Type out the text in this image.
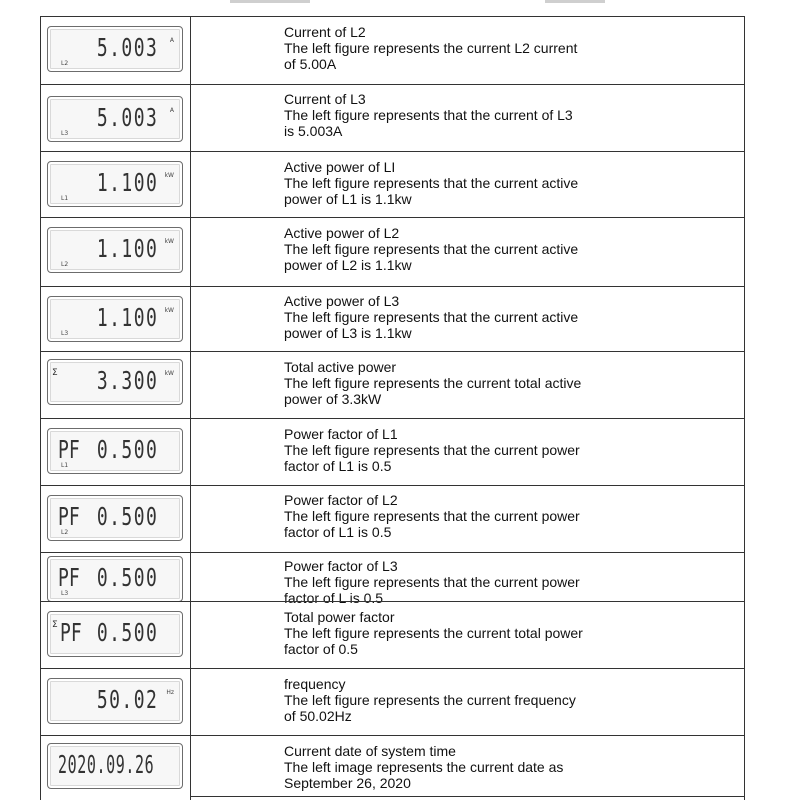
5.003 A
L2
Current of L2
The left figure represents the current L2 current
of 5.00A
5.003 A
L3
Current of L3
The left figure represents that the current of L3
is 5.003A
1.100 kW
L1
Active power of LI
The left figure represents that the current active
power of L1 is 1.1kw
1.100 kW
L2
Active power of L2
The left figure represents that the current active
power of L2 is 1.1kw
1.100 kW
L3
Active power of L3
The left figure represents that the current active
power of L3 is 1.1kw
Σ 3.300 kW	Total active power
The left figure represents the current total active
power of 3.3kW
PF 0.500
L1
Power factor of L1
The left figure represents that the current power
factor of L1 is 0.5
PF 0.500
L2
Power factor of L2
The left figure represents that the current power
factor of L1 is 0.5
PF 0.500
L3
Power factor of L3
The left figure represents that the current power
factor of L is 0.5
Σ PF 0.500
Total power factor
The left figure represents the current total power
factor of 0.5
50.02 Hz
frequency
The left figure represents the current frequency
of 50.02Hz
2020.09.26	Current date of system time
The left image represents the current date as
September 26, 2020
